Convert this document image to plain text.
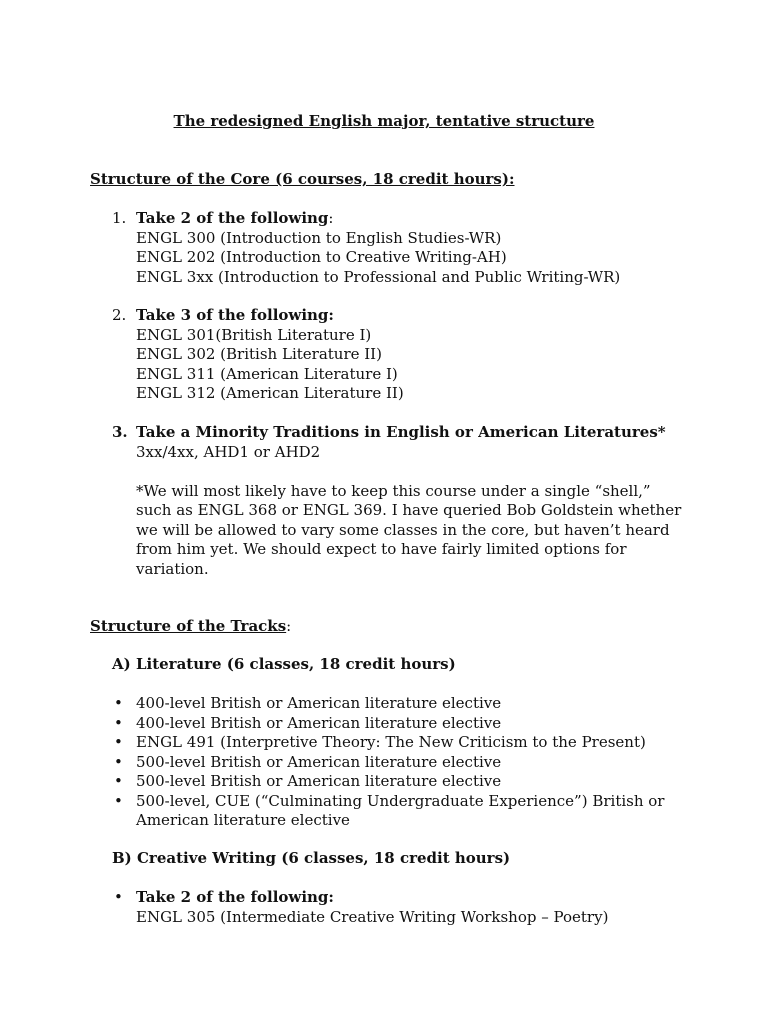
The redesigned English major, tentative structure
Structure of the Core (6 courses, 18 credit hours):
1. Take 2 of the following:
ENGL 300 (Introduction to English Studies-WR)
ENGL 202 (Introduction to Creative Writing-AH)
ENGL 3xx (Introduction to Professional and Public Writing-WR)
2. Take 3 of the following:
ENGL 301(British Literature I)
ENGL 302 (British Literature II)
ENGL 311 (American Literature I)
ENGL 312 (American Literature II)
3. Take a Minority Traditions in English or American Literatures*
3xx/4xx, AHD1 or AHD2
*We will most likely have to keep this course under a single “shell,” such as ENGL 368 or ENGL 369. I have queried Bob Goldstein whether we will be allowed to vary some classes in the core, but haven’t heard from him yet. We should expect to have fairly limited options for variation.
Structure of the Tracks:
A) Literature (6 classes, 18 credit hours)
• 400-level British or American literature elective
• 400-level British or American literature elective
• ENGL 491 (Interpretive Theory: The New Criticism to the Present)
• 500-level British or American literature elective
• 500-level British or American literature elective
• 500-level, CUE (“Culminating Undergraduate Experience”) British or American literature elective
B) Creative Writing (6 classes, 18 credit hours)
• Take 2 of the following:
ENGL 305 (Intermediate Creative Writing Workshop – Poetry)
